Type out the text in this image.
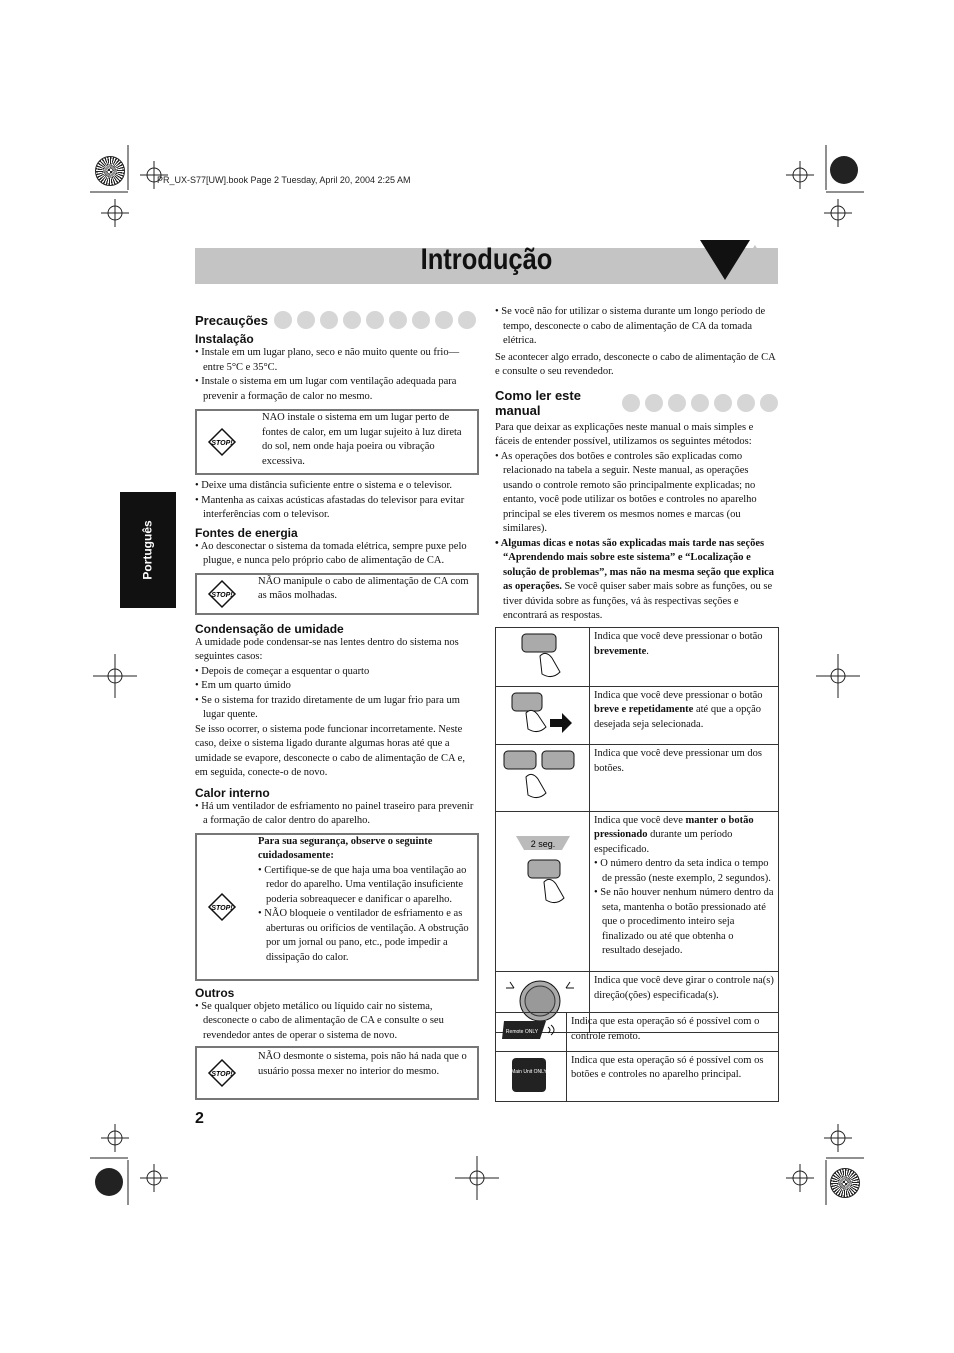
PR_UX-S77[UW].book Page 2 Tuesday, April 20, 2004 2:25 AM
Introdução
Português
Precauções
Instalação
• Instale em um lugar plano, seco e não muito quente ou frio—entre 5°C e 35°C.
• Instale o sistema em um lugar com ventilação adequada para prevenir a formação de calor no mesmo.
STOP!
NAO instale o sistema em um lugar perto de fontes de calor, em um lugar sujeito à luz direta do sol, nem onde haja poeira ou vibração excessiva.
• Deixe uma distância suficiente entre o sistema e o televisor.
• Mantenha as caixas acústicas afastadas do televisor para evitar interferências com o televisor.
Fontes de energia
• Ao desconectar o sistema da tomada elétrica, sempre puxe pelo plugue, e nunca pelo próprio cabo de alimentação de CA.
STOP!
NÃO manipule o cabo de alimentação de CA com as mãos molhadas.
Condensação de umidade
A umidade pode condensar-se nas lentes dentro do sistema nos seguintes casos:
• Depois de começar a esquentar o quarto
• Em um quarto úmido
• Se o sistema for trazido diretamente de um lugar frio para um lugar quente.
Se isso ocorrer, o sistema pode funcionar incorretamente. Neste caso, deixe o sistema ligado durante algumas horas até que a umidade se evapore, desconecte o cabo de alimentação de CA e, em seguida, conecte-o de novo.
Calor interno
• Há um ventilador de esfriamento no painel traseiro para prevenir a formação de calor dentro do aparelho.
STOP!
Para sua segurança, observe o seguinte cuidadosamente:
• Certifique-se de que haja uma boa ventilação ao redor do aparelho. Uma ventilação insuficiente poderia sobreaquecer e danificar o aparelho.
• NÃO bloqueie o ventilador de esfriamento e as aberturas ou orifícios de ventilação. A obstrução por um jornal ou pano, etc., pode impedir a dissipação do calor.
Outros
• Se qualquer objeto metálico ou líquido cair no sistema, desconecte o cabo de alimentação de CA e consulte o seu revendedor antes de operar o sistema de novo.
STOP!
NÃO desmonte o sistema, pois não há nada que o usuário possa mexer no interior do mesmo.
• Se você não for utilizar o sistema durante um longo período de tempo, desconecte o cabo de alimentação de CA da tomada elétrica.
Se acontecer algo errado, desconecte o cabo de alimentação de CA e consulte o seu revendedor.
Como ler este manual
Para que deixar as explicações neste manual o mais simples e fáceis de entender possível, utilizamos os seguintes métodos:
• As operações dos botões e controles são explicadas como relacionado na tabela a seguir. Neste manual, as operações usando o controle remoto são principalmente explicadas; no entanto, você pode utilizar os botões e controles no aparelho principal se eles tiverem os mesmos nomes e marcas (ou similares).
• Algumas dicas e notas são explicadas mais tarde nas seções “Aprendendo mais sobre este sistema” e “Localização e solução de problemas”, mas não na mesma seção que explica as operações. Se você quiser saber mais sobre as funções, ou se tiver dúvida sobre as funções, vá às respectivas seções e encontrará as respostas.
	Indica que você deve pressionar o botão brevemente.
	Indica que você deve pressionar o botão breve e repetidamente até que a opção desejada seja selecionada.
	Indica que você deve pressionar um dos botões.

2 seg.	Indica que você deve manter o botão pressionado durante um período especificado.
• O número dentro da seta indica o tempo de pressão (neste exemplo, 2 segundos).
• Se não houver nenhum número dentro da seta, mantenha o botão pressionado até que o procedimento inteiro seja finalizado ou até que obtenha o resultado desejado.

	Indica que você deve girar o controle na(s) direção(ções) especificada(s).
Remote ONLY	Indica que esta operação só é possível com o controle remoto.

Main Unit ONLY	Indica que esta operação só é possível com os botões e controles no aparelho principal.
2
